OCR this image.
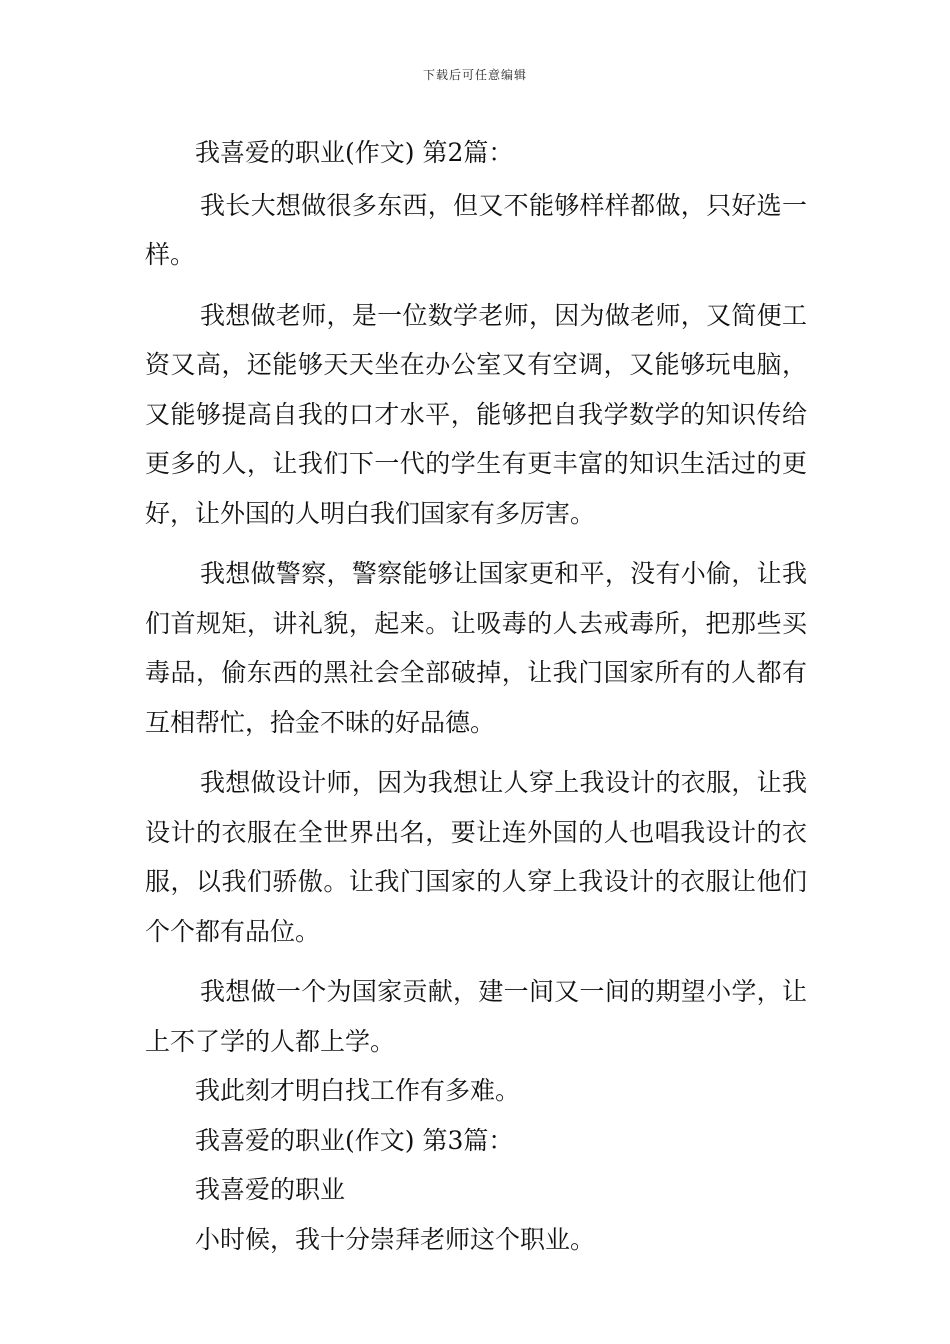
下载后可任意编辑

我喜爱的职业(作文) 第2篇：

我长大想做很多东西，但又不能够样样都做，只好选一样。

我想做老师，是一位数学老师，因为做老师，又简便工资又高，还能够天天坐在办公室又有空调，又能够玩电脑，又能够提高自我的口才水平，能够把自我学数学的知识传给更多的人，让我们下一代的学生有更丰富的知识生活过的更好，让外国的人明白我们国家有多厉害。

我想做警察，警察能够让国家更和平，没有小偷，让我们首规矩，讲礼貌，起来。让吸毒的人去戒毒所，把那些买毒品，偷东西的黑社会全部破掉，让我门国家所有的人都有互相帮忙，拾金不昧的好品德。

我想做设计师，因为我想让人穿上我设计的衣服，让我设计的衣服在全世界出名，要让连外国的人也唱我设计的衣服，以我们骄傲。让我门国家的人穿上我设计的衣服让他们个个都有品位。

我想做一个为国家贡献，建一间又一间的期望小学，让上不了学的人都上学。

我此刻才明白找工作有多难。

我喜爱的职业(作文) 第3篇：

我喜爱的职业

小时候，我十分崇拜老师这个职业。
